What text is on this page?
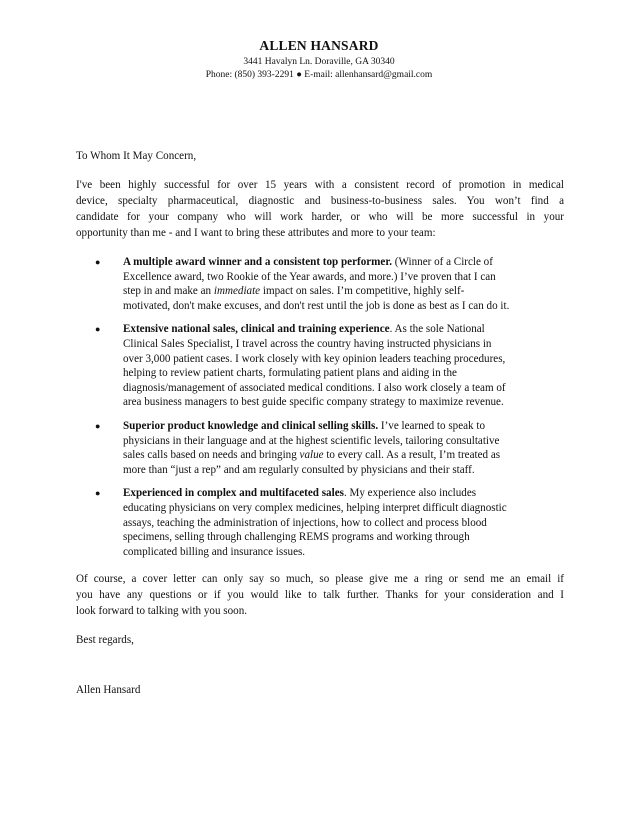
ALLEN HANSARD
3441 Havalyn Ln. Doraville, GA 30340
Phone: (850) 393-2291 ● E-mail: allenhansard@gmail.com

To Whom It May Concern,

I've been highly successful for over 15 years with a consistent record of promotion in medical
device, specialty pharmaceutical, diagnostic and business-to-business sales. You won’t find a
candidate for your company who will work harder, or who will be more successful in your
opportunity than me - and I want to bring these attributes and more to your team:

● A multiple award winner and a consistent top performer. (Winner of a Circle of
Excellence award, two Rookie of the Year awards, and more.) I’ve proven that I can
step in and make an immediate impact on sales. I’m competitive, highly self-
motivated, don't make excuses, and don't rest until the job is done as best as I can do it.
● Extensive national sales, clinical and training experience. As the sole National
Clinical Sales Specialist, I travel across the country having instructed physicians in
over 3,000 patient cases. I work closely with key opinion leaders teaching procedures,
helping to review patient charts, formulating patient plans and aiding in the
diagnosis/management of associated medical conditions. I also work closely a team of
area business managers to best guide specific company strategy to maximize revenue.
● Superior product knowledge and clinical selling skills. I’ve learned to speak to
physicians in their language and at the highest scientific levels, tailoring consultative
sales calls based on needs and bringing value to every call. As a result, I’m treated as
more than “just a rep” and am regularly consulted by physicians and their staff.
● Experienced in complex and multifaceted sales. My experience also includes
educating physicians on very complex medicines, helping interpret difficult diagnostic
assays, teaching the administration of injections, how to collect and process blood
specimens, selling through challenging REMS programs and working through
complicated billing and insurance issues.

Of course, a cover letter can only say so much, so please give me a ring or send me an email if
you have any questions or if you would like to talk further. Thanks for your consideration and I
look forward to talking with you soon.

Best regards,

Allen Hansard
